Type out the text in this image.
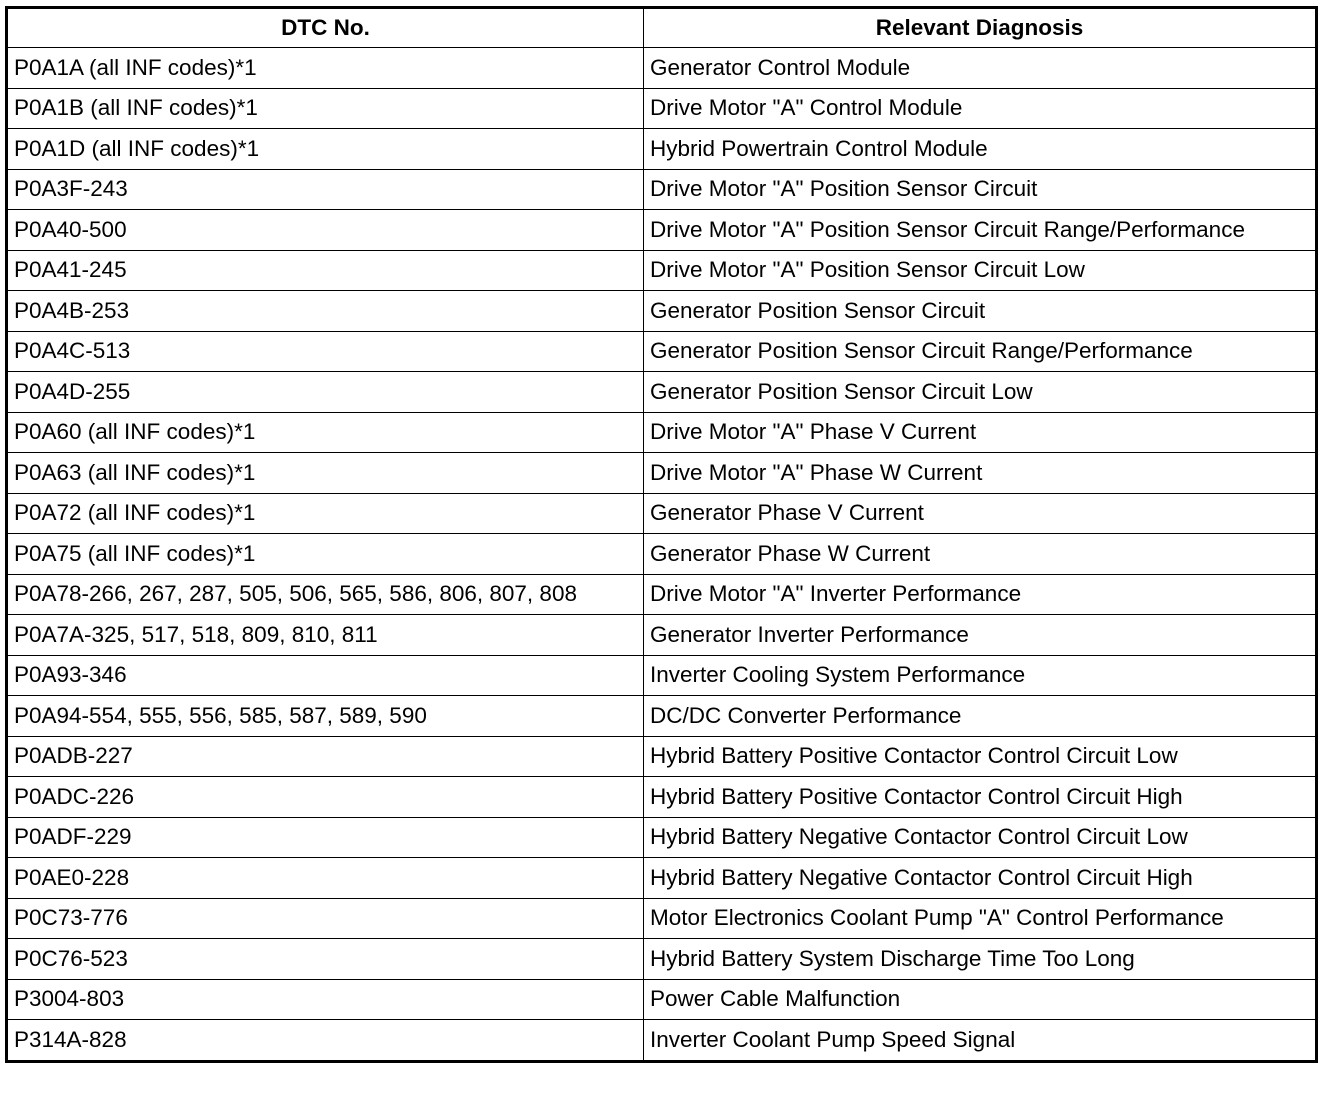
DTC No.	Relevant Diagnosis
P0A1A (all INF codes)*1	Generator Control Module
P0A1B (all INF codes)*1	Drive Motor "A" Control Module
P0A1D (all INF codes)*1	Hybrid Powertrain Control Module
P0A3F-243	Drive Motor "A" Position Sensor Circuit
P0A40-500	Drive Motor "A" Position Sensor Circuit Range/Performance
P0A41-245	Drive Motor "A" Position Sensor Circuit Low
P0A4B-253	Generator Position Sensor Circuit
P0A4C-513	Generator Position Sensor Circuit Range/Performance
P0A4D-255	Generator Position Sensor Circuit Low
P0A60 (all INF codes)*1	Drive Motor "A" Phase V Current
P0A63 (all INF codes)*1	Drive Motor "A" Phase W Current
P0A72 (all INF codes)*1	Generator Phase V Current
P0A75 (all INF codes)*1	Generator Phase W Current
P0A78-266, 267, 287, 505, 506, 565, 586, 806, 807, 808	Drive Motor "A" Inverter Performance
P0A7A-325, 517, 518, 809, 810, 811	Generator Inverter Performance
P0A93-346	Inverter Cooling System Performance
P0A94-554, 555, 556, 585, 587, 589, 590	DC/DC Converter Performance
P0ADB-227	Hybrid Battery Positive Contactor Control Circuit Low
P0ADC-226	Hybrid Battery Positive Contactor Control Circuit High
P0ADF-229	Hybrid Battery Negative Contactor Control Circuit Low
P0AE0-228	Hybrid Battery Negative Contactor Control Circuit High
P0C73-776	Motor Electronics Coolant Pump "A" Control Performance
P0C76-523	Hybrid Battery System Discharge Time Too Long
P3004-803	Power Cable Malfunction
P314A-828	Inverter Coolant Pump Speed Signal
